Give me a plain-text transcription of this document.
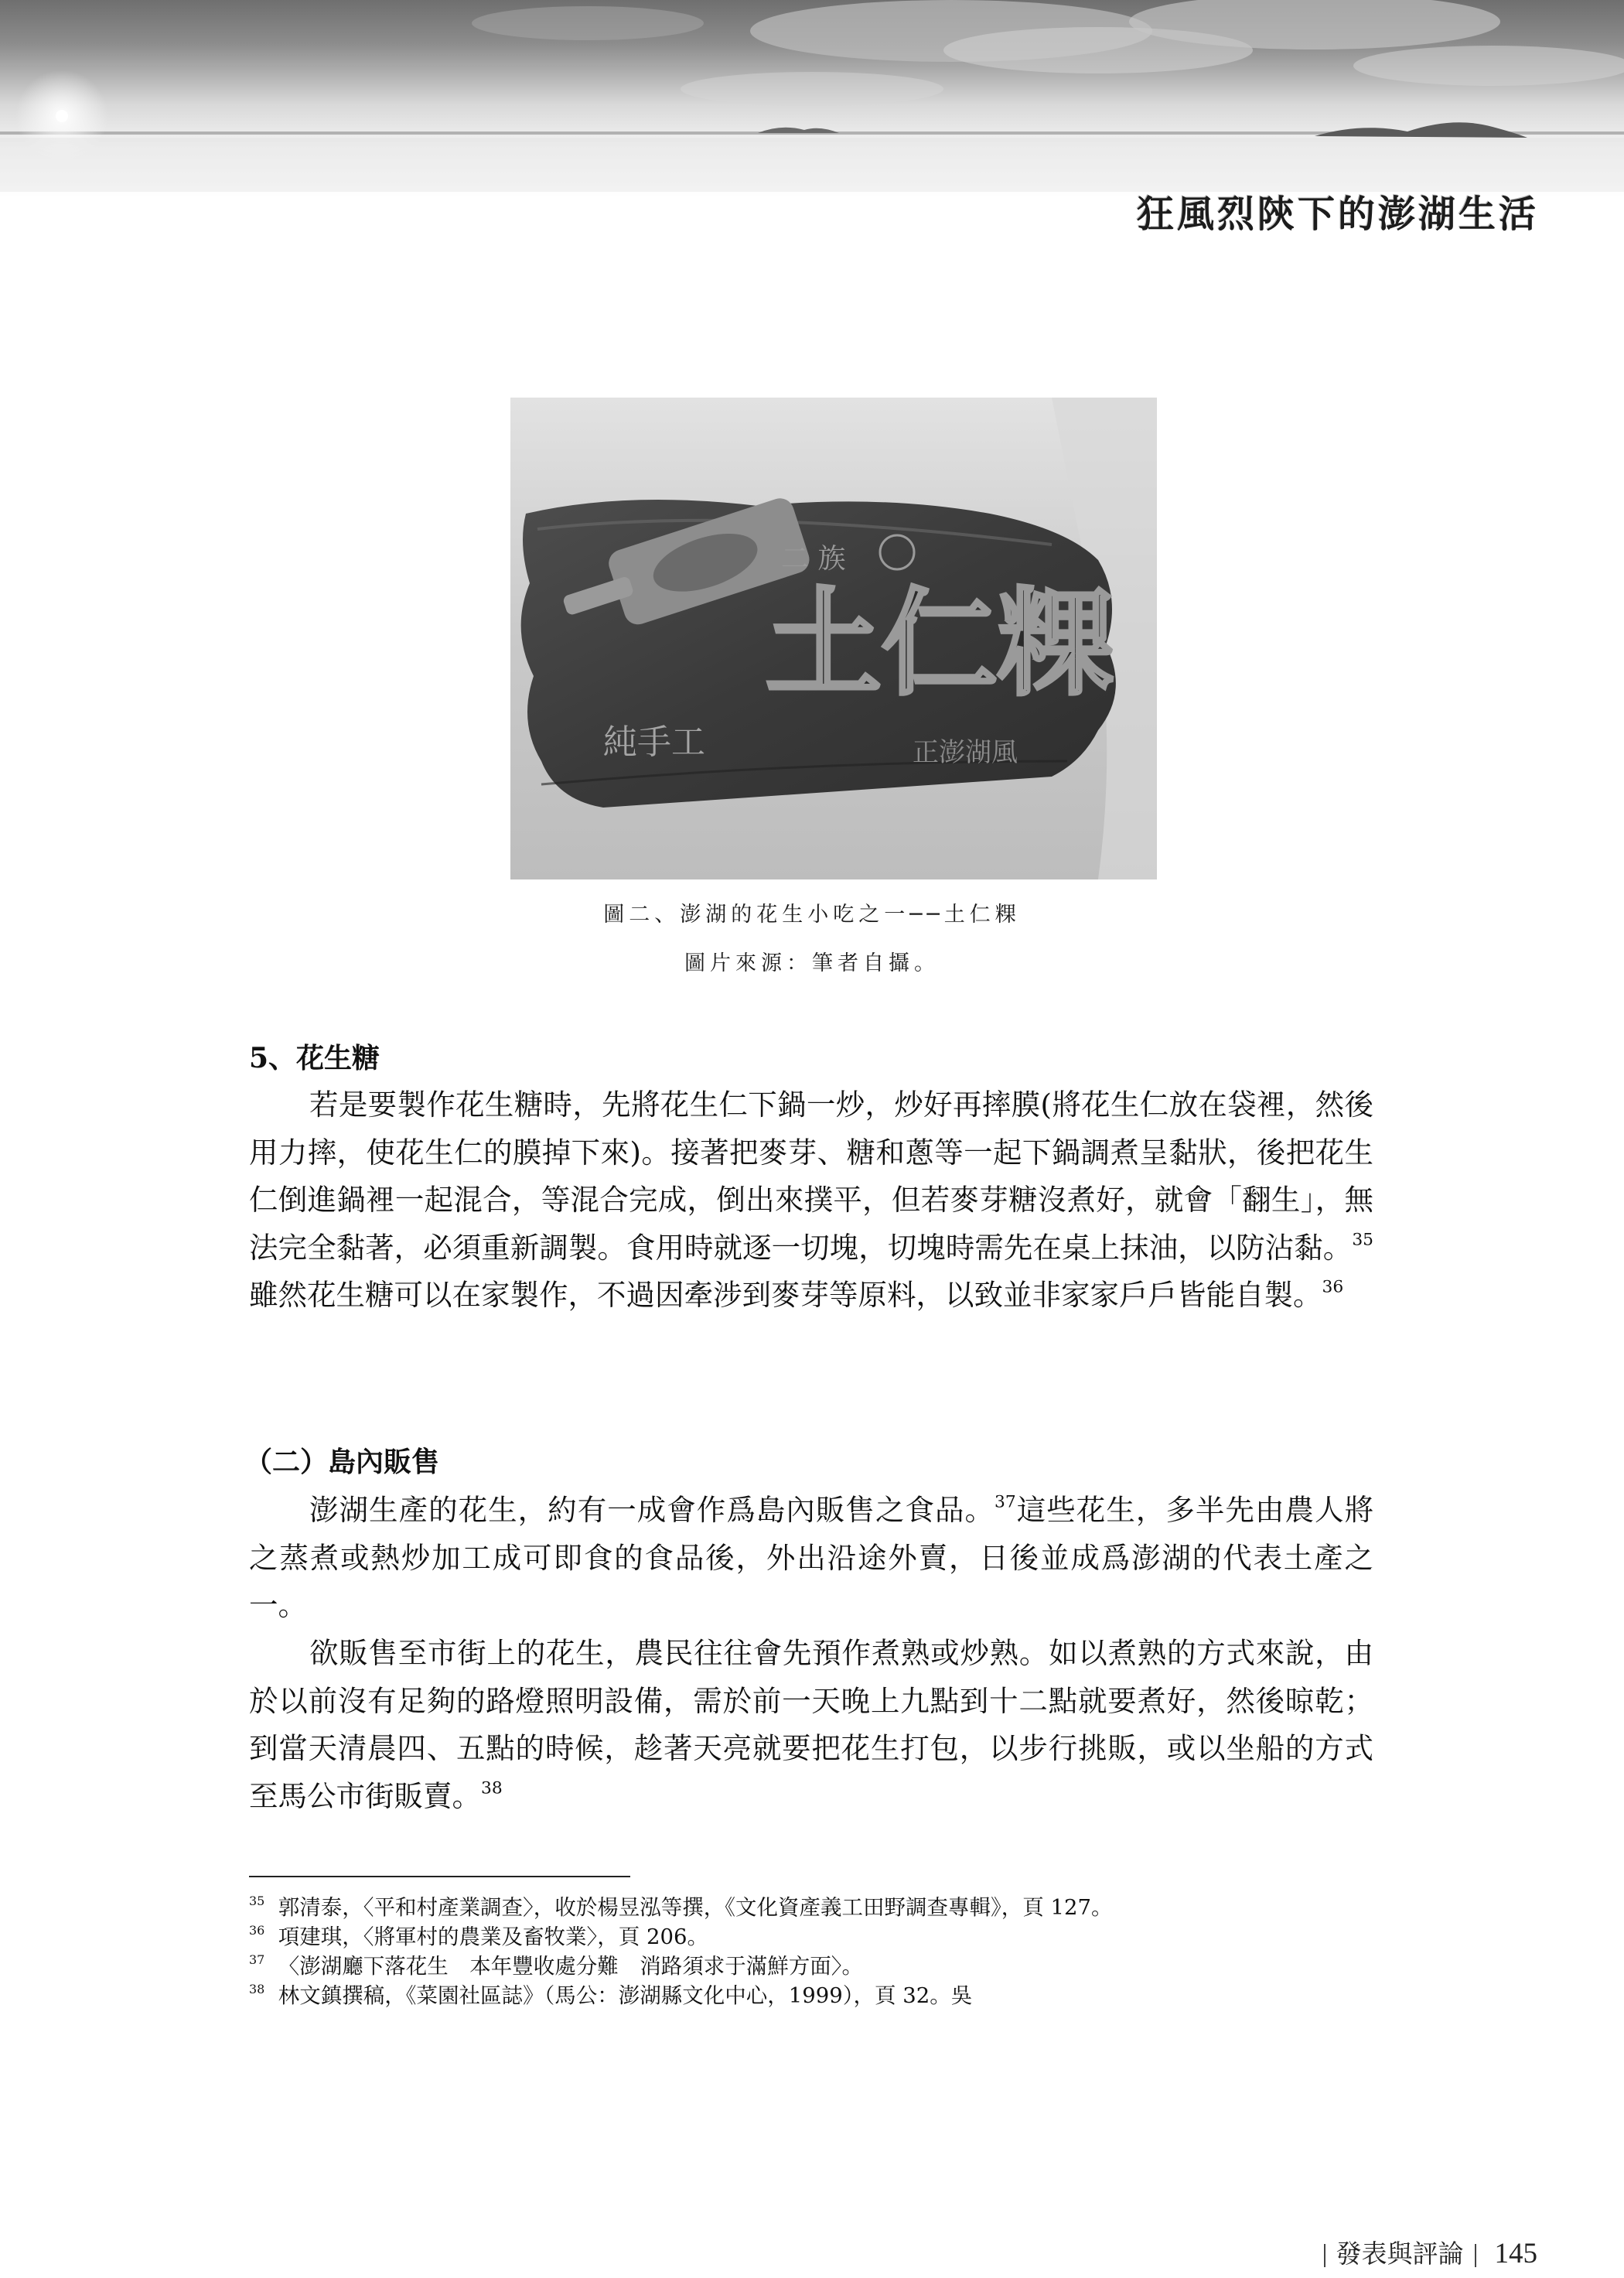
狂風烈陝下的澎湖生活
土仁粿
純手工
二 族
正澎湖風
圖二、澎湖的花生小吃之一──土仁粿
圖片來源：筆者自攝。
5、花生糖

若是要製作花生糖時，先將花生仁下鍋一炒，炒好再摔膜(將花生仁放在袋裡，然後用力摔，使花生仁的膜掉下來)。接著把麥芽、糖和蔥等一起下鍋調煮呈黏狀，後把花生仁倒進鍋裡一起混合，等混合完成，倒出來撲平，但若麥芽糖沒煮好，就會「翻生」，無法完全黏著，必須重新調製。食用時就逐一切塊，切塊時需先在桌上抹油，以防沾黏。$^{35}$雖然花生糖可以在家製作，不過因牽涉到麥芽等原料，以致並非家家戶戶皆能自製。$^{36}$

（二）島內販售

澎湖生產的花生，約有一成會作爲島內販售之食品。$^{37}$這些花生，多半先由農人將之蒸煮或熱炒加工成可即食的食品後，外出沿途外賣，日後並成爲澎湖的代表土產之一。

欲販售至市街上的花生，農民往往會先預作煮熟或炒熟。如以煮熟的方式來說，由於以前沒有足夠的路燈照明設備，需於前一天晚上九點到十二點就要煮好，然後晾乾；到當天清晨四、五點的時候，趁著天亮就要把花生打包，以步行挑販，或以坐船的方式至馬公市街販賣。$^{38}$

$^{35}$ 郭清泰，〈平和村產業調查〉，收於楊昱泓等撰，《文化資產義工田野調查專輯》，頁 127。
$^{36}$ 項建琪，〈將軍村的農業及畜牧業〉，頁 206。
$^{37}$ 〈澎湖廳下落花生　本年豐收處分難　消路須求于滿鮮方面〉。
$^{38}$ 林文鎮撰稿，《菜園社區誌》（馬公：澎湖縣文化中心，1999），頁 32。吳
發表與評論 145
